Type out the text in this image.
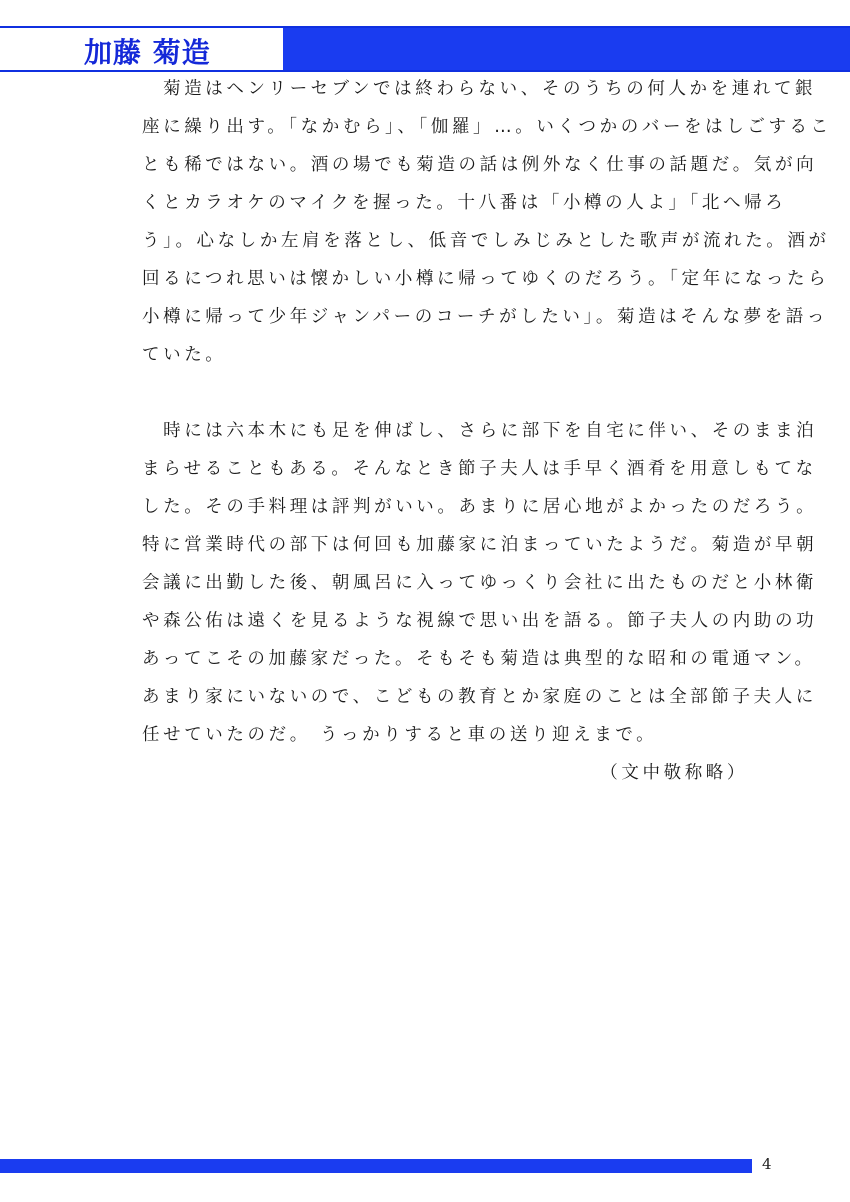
加藤 菊造

　菊造はヘンリーセブンでは終わらない、そのうちの何人かを連れて銀
座に繰り出す。「なかむら」、「伽羅」…。いくつかのバーをはしごするこ
とも稀ではない。酒の場でも菊造の話は例外なく仕事の話題だ。気が向
くとカラオケのマイクを握った。十八番は「小樽の人よ」「北へ帰ろ
う」。心なしか左肩を落とし、低音でしみじみとした歌声が流れた。酒が
回るにつれ思いは懐かしい小樽に帰ってゆくのだろう。「定年になったら
小樽に帰って少年ジャンパーのコーチがしたい」。菊造はそんな夢を語っ
ていた。

　時には六本木にも足を伸ばし、さらに部下を自宅に伴い、そのまま泊
まらせることもある。そんなとき節子夫人は手早く酒肴を用意しもてな
した。その手料理は評判がいい。あまりに居心地がよかったのだろう。
特に営業時代の部下は何回も加藤家に泊まっていたようだ。菊造が早朝
会議に出勤した後、朝風呂に入ってゆっくり会社に出たものだと小林衛
や森公佑は遠くを見るような視線で思い出を語る。節子夫人の内助の功
あってこその加藤家だった。そもそも菊造は典型的な昭和の電通マン。
あまり家にいないので、こどもの教育とか家庭のことは全部節子夫人に
任せていたのだ。 うっかりすると車の送り迎えまで。

（文中敬称略）
4
